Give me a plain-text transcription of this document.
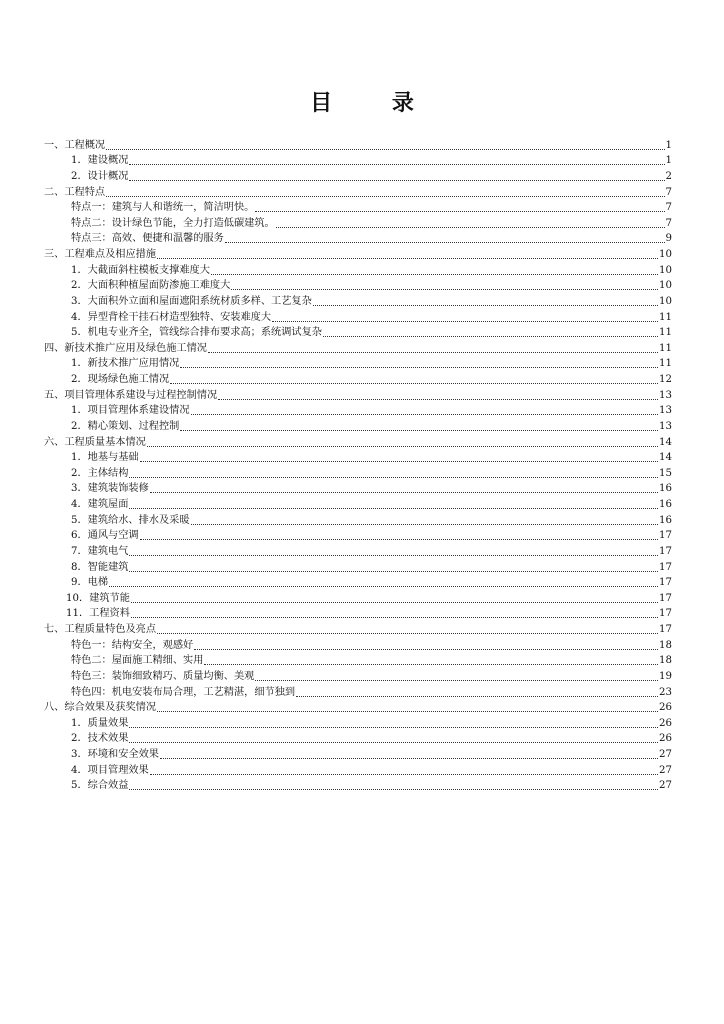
目 录
一、工程概况	1
1．建设概况	1
2．设计概况	2
二、工程特点	7
特点一：建筑与人和谐统一，简洁明快。	7
特点二：设计绿色节能，全力打造低碳建筑。	7
特点三：高效、便捷和温馨的服务	9
三、工程难点及相应措施	10
1．大截面斜柱模板支撑难度大	10
2．大面积种植屋面防渗施工难度大	10
3．大面积外立面和屋面遮阳系统材质多样、工艺复杂	10
4．异型背栓干挂石材造型独特、安装难度大	11
5．机电专业齐全，管线综合排布要求高；系统调试复杂	11
四、新技术推广应用及绿色施工情况	11
1．新技术推广应用情况	11
2．现场绿色施工情况	12
五、项目管理体系建设与过程控制情况	13
1．项目管理体系建设情况	13
2．精心策划、过程控制	13
六、工程质量基本情况	14
1．地基与基础	14
2．主体结构	15
3．建筑装饰装修	16
4．建筑屋面	16
5．建筑给水、排水及采暖	16
6．通风与空调	17
7．建筑电气	17
8．智能建筑	17
9．电梯	17
10．建筑节能	17
11．工程资料	17
七、工程质量特色及亮点	17
特色一：结构安全，观感好	18
特色二：屋面施工精细、实用	18
特色三：装饰细致精巧、质量均衡、美观	19
特色四：机电安装布局合理，工艺精湛，细节独到	23
八、综合效果及获奖情况	26
1．质量效果	26
2．技术效果	26
3．环境和安全效果	27
4．项目管理效果	27
5．综合效益	27
